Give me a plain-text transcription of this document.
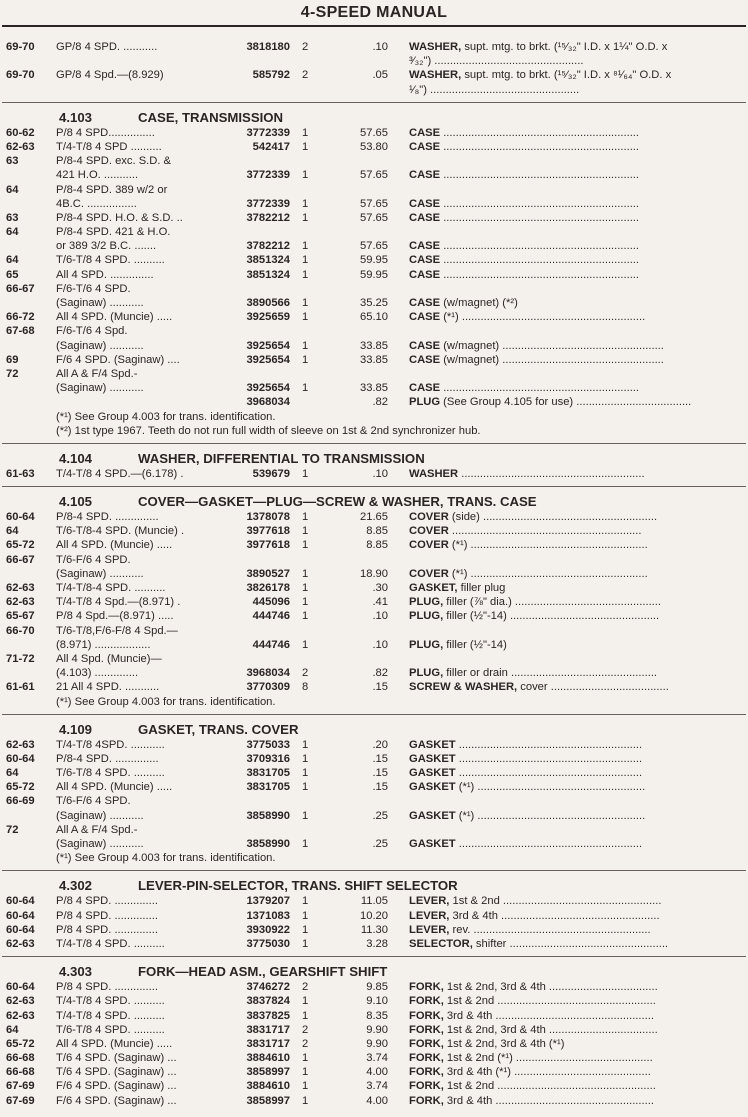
4-SPEED MANUAL
69-70 GP/8 4 SPD. ...........	3818180 2	.10 WASHER, supt. mtg. to brkt. (¹⁵⁄₃₂" I.D. x 1¼" O.D. x
³⁄₃₂") ................................................
69-70 GP/8 4 Spd.—(8.929)	585792 2	.05 WASHER, supt. mtg. to brkt. (¹⁵⁄₃₂" I.D. x ⁸¹⁄₆₄" O.D. x
¹⁄₈") ................................................
4.103	CASE, TRANSMISSION
60-62 P/8 4 SPD...............	3772339 1	57.65 CASE ...............................................................
62-63 T/4-T/8 4 SPD ..........	542417 1	53.80 CASE ...............................................................
63	P/8-4 SPD. exc. S.D. &
421 H.O. ...........	3772339 1	57.65 CASE ...............................................................
64	P/8-4 SPD. 389 w/2 or
4B.C. ................	3772339 1	57.65 CASE ...............................................................
63	P/8-4 SPD. H.O. & S.D. ..	3782212 1	57.65 CASE ...............................................................
64	P/8-4 SPD. 421 & H.O.
or 389 3/2 B.C. .......	3782212 1	57.65 CASE ...............................................................
64	T/6-T/8 4 SPD. ..........	3851324 1	59.95 CASE ...............................................................
65	All 4 SPD. ..............	3851324 1	59.95 CASE ...............................................................
66-67 F/6-T/6 4 SPD.
(Saginaw) ...........	3890566 1	35.25 CASE (w/magnet) (*²)
66-72 All 4 SPD. (Muncie) .....	3925659 1	65.10 CASE (*¹) ...........................................................
67-68 F/6-T/6 4 Spd.
(Saginaw) ...........	3925654 1	33.85 CASE (w/magnet) ....................................................
69	F/6 4 SPD. (Saginaw) ....	3925654 1	33.85 CASE (w/magnet) ....................................................
72	All A & F/4 Spd.-
(Saginaw) ...........	3925654 1	33.85 CASE ...............................................................
3968034	.82 PLUG (See Group 4.105 for use) .....................................
(*¹) See Group 4.003 for trans. identification.
(*²) 1st type 1967. Teeth do not run full width of sleeve on 1st & 2nd synchronizer hub.
4.104	WASHER, DIFFERENTIAL TO TRANSMISSION
61-63 T/4-T/8 4 SPD.—(6.178) .	539679 1	.10 WASHER ...........................................................
4.105	COVER—GASKET—PLUG—SCREW & WASHER, TRANS. CASE
60-64 P/8-4 SPD. ..............	1378078 1	21.65 COVER (side) ........................................................
64	T/6-T/8-4 SPD. (Muncie) .	3977618 1	8.85 COVER .............................................................
65-72 All 4 SPD. (Muncie) .....	3977618 1	8.85 COVER (*¹) .........................................................
66-67 T/6-F/6 4 SPD.
(Saginaw) ...........	3890527 1	18.90 COVER (*¹) .........................................................
62-63 T/4-T/8-4 SPD. ..........	3826178 1	.30 GASKET, filler plug
62-63 T/4-T/8 4 Spd.—(8.971) .	445096 1	.41 PLUG, filler (⅞" dia.) ...............................................
65-67 P/8 4 Spd.—(8.971) .....	444746 1	.10 PLUG, filler (½"-14) ................................................
66-70 T/6-T/8,F/6-F/8 4 Spd.—
(8.971) ..................	444746 1	.10 PLUG, filler (½"-14)
71-72 All 4 Spd. (Muncie)—
(4.103) ..............	3968034 2	.82 PLUG, filler or drain ...............................................
61-61 21 All 4 SPD. ...........	3770309 8	.15 SCREW & WASHER, cover ......................................
(*¹) See Group 4.003 for trans. identification.
4.109	GASKET, TRANS. COVER
62-63 T/4-T/8 4SPD. ...........	3775033 1	.20 GASKET ...........................................................
60-64 P/8-4 SPD. ..............	3709316 1	.15 GASKET ...........................................................
64	T/6-T/8 4 SPD. ..........	3831705 1	.15 GASKET ...........................................................
65-72 All 4 SPD. (Muncie) .....	3831705 1	.15 GASKET (*¹) ......................................................
66-69 T/6-F/6 4 SPD.
(Saginaw) ...........	3858990 1	.25 GASKET (*¹) ......................................................
72	All A & F/4 Spd.-
(Saginaw) ...........	3858990 1	.25 GASKET ...........................................................
(*¹) See Group 4.003 for trans. identification.
4.302	LEVER-PIN-SELECTOR, TRANS. SHIFT SELECTOR
60-64 P/8 4 SPD. ..............	1379207 1	11.05 LEVER, 1st & 2nd ...................................................
60-64 P/8 4 SPD. ..............	1371083 1	10.20 LEVER, 3rd & 4th ...................................................
60-64 P/8 4 SPD. ..............	3930922 1	11.30 LEVER, rev. .........................................................
62-63 T/4-T/8 4 SPD. ..........	3775030 1	3.28 SELECTOR, shifter ...................................................
4.303	FORK—HEAD ASM., GEARSHIFT SHIFT
60-64 P/8 4 SPD. ..............	3746272 2	9.85 FORK, 1st & 2nd, 3rd & 4th ...................................
62-63 T/4-T/8 4 SPD. ..........	3837824 1	9.10 FORK, 1st & 2nd ...................................................
62-63 T/4-T/8 4 SPD. ..........	3837825 1	8.35 FORK, 3rd & 4th ...................................................
64	T/6-T/8 4 SPD. ..........	3831717 2	9.90 FORK, 1st & 2nd, 3rd & 4th ...................................
65-72 All 4 SPD. (Muncie) .....	3831717 2	9.90 FORK, 1st & 2nd, 3rd & 4th (*¹)
66-68 T/6 4 SPD. (Saginaw) ...	3884610 1	3.74 FORK, 1st & 2nd (*¹) ............................................
66-68 T/6 4 SPD. (Saginaw) ...	3858997 1	4.00 FORK, 3rd & 4th (*¹) ............................................
67-69 F/6 4 SPD. (Saginaw) ...	3884610 1	3.74 FORK, 1st & 2nd ...................................................
67-69 F/6 4 SPD. (Saginaw) ...	3858997 1	4.00 FORK, 3rd & 4th ...................................................
